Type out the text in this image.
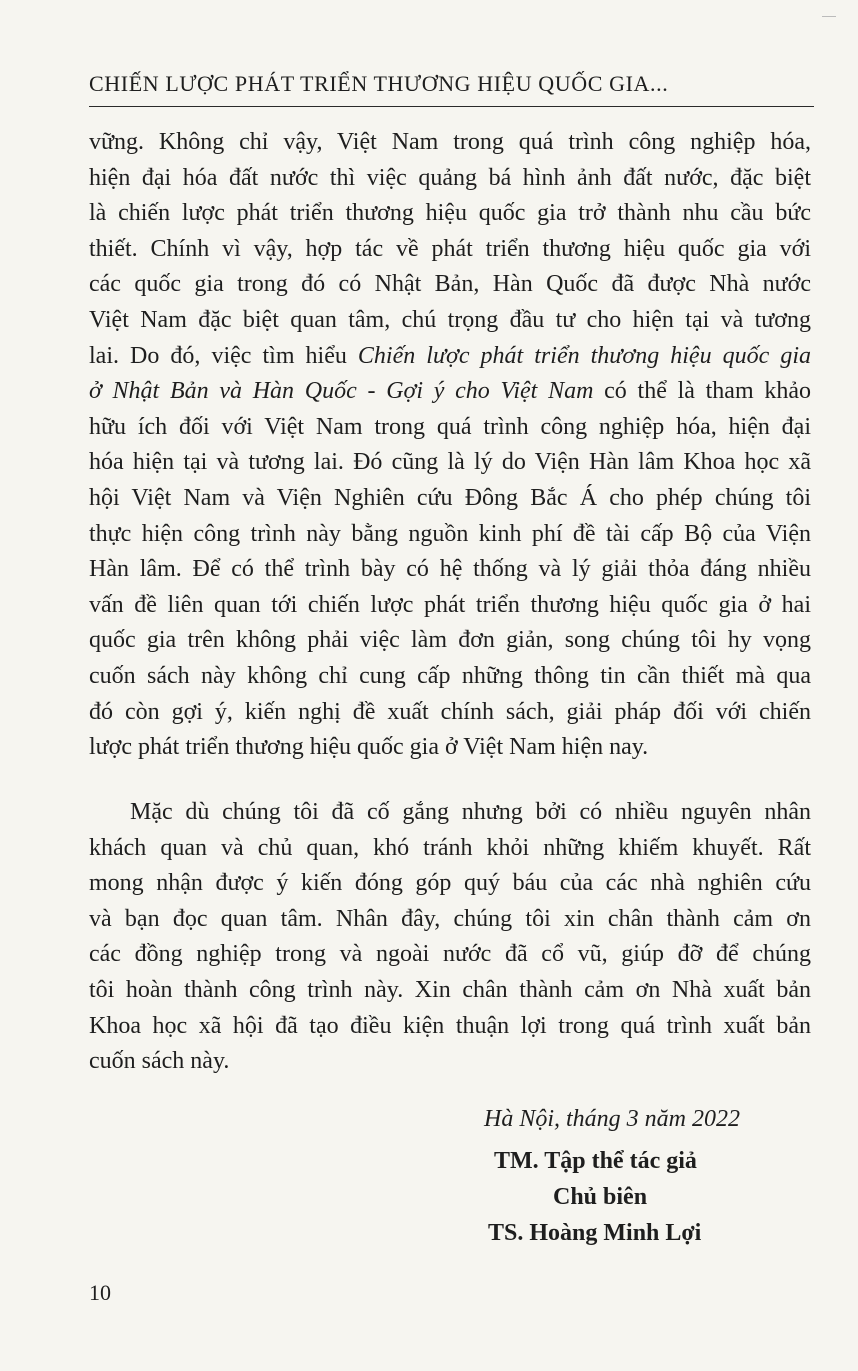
CHIẾN LƯỢC PHÁT TRIỂN THƯƠNG HIỆU QUỐC GIA...
vững. Không chỉ vậy, Việt Nam trong quá trình công nghiệp hóa,
hiện đại hóa đất nước thì việc quảng bá hình ảnh đất nước, đặc biệt
là chiến lược phát triển thương hiệu quốc gia trở thành nhu cầu bức
thiết. Chính vì vậy, hợp tác về phát triển thương hiệu quốc gia với
các quốc gia trong đó có Nhật Bản, Hàn Quốc đã được Nhà nước
Việt Nam đặc biệt quan tâm, chú trọng đầu tư cho hiện tại và tương
lai. Do đó, việc tìm hiểu Chiến lược phát triển thương hiệu quốc gia
ở Nhật Bản và Hàn Quốc - Gợi ý cho Việt Nam có thể là tham khảo
hữu ích đối với Việt Nam trong quá trình công nghiệp hóa, hiện đại
hóa hiện tại và tương lai. Đó cũng là lý do Viện Hàn lâm Khoa học xã
hội Việt Nam và Viện Nghiên cứu Đông Bắc Á cho phép chúng tôi
thực hiện công trình này bằng nguồn kinh phí đề tài cấp Bộ của Viện
Hàn lâm. Để có thể trình bày có hệ thống và lý giải thỏa đáng nhiều
vấn đề liên quan tới chiến lược phát triển thương hiệu quốc gia ở hai
quốc gia trên không phải việc làm đơn giản, song chúng tôi hy vọng
cuốn sách này không chỉ cung cấp những thông tin cần thiết mà qua
đó còn gợi ý, kiến nghị đề xuất chính sách, giải pháp đối với chiến
lược phát triển thương hiệu quốc gia ở Việt Nam hiện nay.
Mặc dù chúng tôi đã cố gắng nhưng bởi có nhiều nguyên nhân
khách quan và chủ quan, khó tránh khỏi những khiếm khuyết. Rất
mong nhận được ý kiến đóng góp quý báu của các nhà nghiên cứu
và bạn đọc quan tâm. Nhân đây, chúng tôi xin chân thành cảm ơn
các đồng nghiệp trong và ngoài nước đã cổ vũ, giúp đỡ để chúng
tôi hoàn thành công trình này. Xin chân thành cảm ơn Nhà xuất bản
Khoa học xã hội đã tạo điều kiện thuận lợi trong quá trình xuất bản
cuốn sách này.
Hà Nội, tháng 3 năm 2022
TM. Tập thể tác giả
Chủ biên
TS. Hoàng Minh Lợi
10
